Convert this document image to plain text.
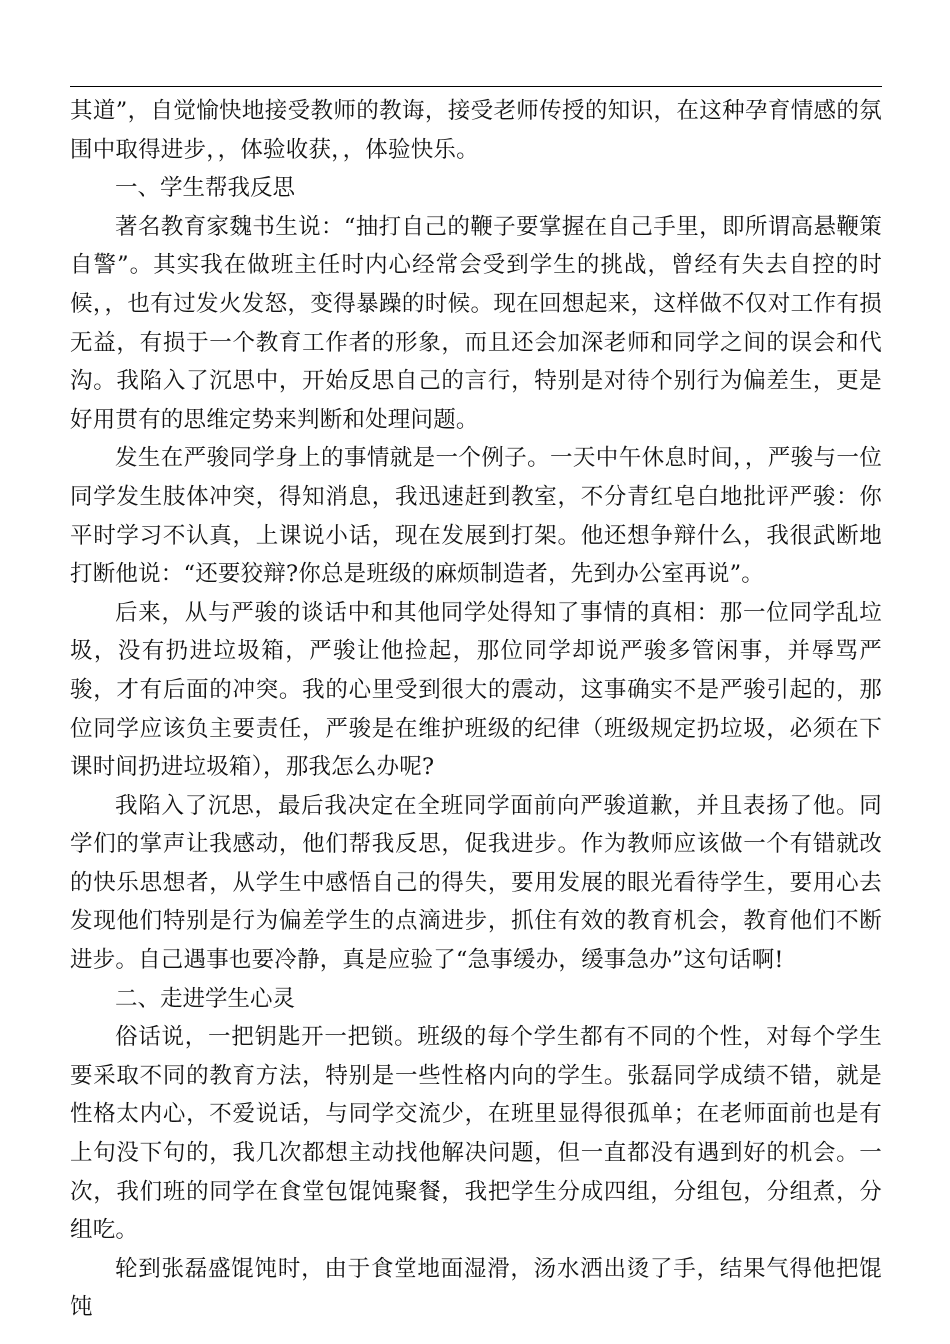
其道”，自觉愉快地接受教师的教诲，接受老师传授的知识，在这种孕育情感的氛围中取得进步，，体验收获，，体验快乐。

一、学生帮我反思

著名教育家魏书生说：“抽打自己的鞭子要掌握在自己手里，即所谓高悬鞭策自警”。其实我在做班主任时内心经常会受到学生的挑战，曾经有失去自控的时候，，也有过发火发怒，变得暴躁的时候。现在回想起来，这样做不仅对工作有损无益，有损于一个教育工作者的形象，而且还会加深老师和同学之间的误会和代沟。我陷入了沉思中，开始反思自己的言行，特别是对待个别行为偏差生，更是好用贯有的思维定势来判断和处理问题。

发生在严骏同学身上的事情就是一个例子。一天中午休息时间，，严骏与一位同学发生肢体冲突，得知消息，我迅速赶到教室，不分青红皂白地批评严骏：你平时学习不认真，上课说小话，现在发展到打架。他还想争辩什么，我很武断地打断他说：“还要狡辩?你总是班级的麻烦制造者，先到办公室再说”。

后来，从与严骏的谈话中和其他同学处得知了事情的真相：那一位同学乱垃圾，没有扔进垃圾箱，严骏让他捡起，那位同学却说严骏多管闲事，并辱骂严骏，才有后面的冲突。我的心里受到很大的震动，这事确实不是严骏引起的，那位同学应该负主要责任，严骏是在维护班级的纪律（班级规定扔垃圾，必须在下课时间扔进垃圾箱），那我怎么办呢?

我陷入了沉思，最后我决定在全班同学面前向严骏道歉，并且表扬了他。同学们的掌声让我感动，他们帮我反思，促我进步。作为教师应该做一个有错就改的快乐思想者，从学生中感悟自己的得失，要用发展的眼光看待学生，要用心去发现他们特别是行为偏差学生的点滴进步，抓住有效的教育机会，教育他们不断进步。自己遇事也要冷静，真是应验了“急事缓办，缓事急办”这句话啊!

二、走进学生心灵

俗话说，一把钥匙开一把锁。班级的每个学生都有不同的个性，对每个学生要采取不同的教育方法，特别是一些性格内向的学生。张磊同学成绩不错，就是性格太内心，不爱说话，与同学交流少，在班里显得很孤单；在老师面前也是有上句没下句的，我几次都想主动找他解决问题，但一直都没有遇到好的机会。一次，我们班的同学在食堂包馄饨聚餐，我把学生分成四组，分组包，分组煮，分组吃。

轮到张磊盛馄饨时，由于食堂地面湿滑，汤水洒出烫了手，结果气得他把馄饨
